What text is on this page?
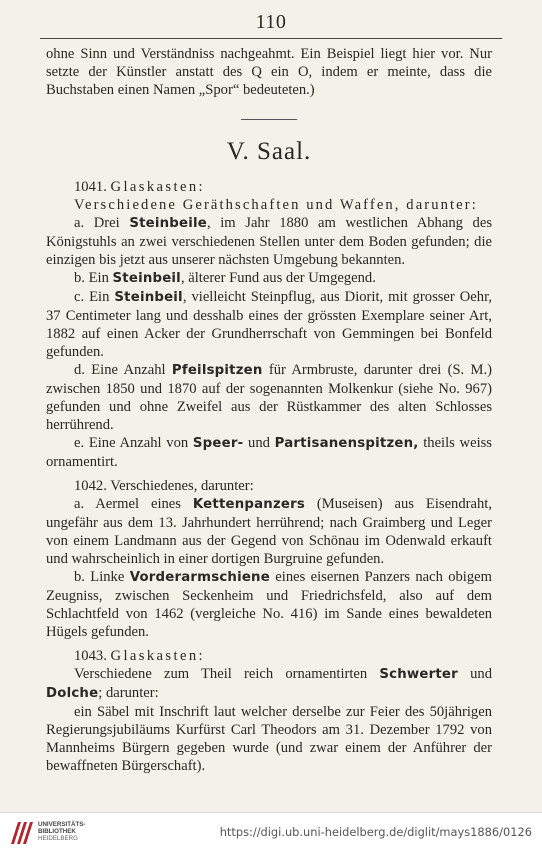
110

ohne Sinn und Verständniss nachgeahmt. Ein Beispiel liegt hier vor. Nur setzte der Künstler anstatt des Q ein O, indem er meinte, dass die Buchstaben einen Namen „Spor“ bedeuteten.)

V. Saal.

1041. Glaskasten:

Verschiedene Geräthschaften und Waffen, darunter:

a. Drei Steinbeile, im Jahr 1880 am westlichen Abhang des Königstuhls an zwei verschiedenen Stellen unter dem Boden gefunden; die einzigen bis jetzt aus unserer nächsten Umgebung bekannten.

b. Ein Steinbeil, älterer Fund aus der Umgegend.

c. Ein Steinbeil, vielleicht Steinpflug, aus Diorit, mit grosser Oehr, 37 Centimeter lang und desshalb eines der grössten Exemplare seiner Art, 1882 auf einen Acker der Grundherrschaft von Gemmingen bei Bonfeld gefunden.

d. Eine Anzahl Pfeilspitzen für Armbruste, darunter drei (S. M.) zwischen 1850 und 1870 auf der sogenannten Molkenkur (siehe No. 967) gefunden und ohne Zweifel aus der Rüstkammer des alten Schlosses herrührend.

e. Eine Anzahl von Speer- und Partisanenspitzen, theils weiss ornamentirt.

1042. Verschiedenes, darunter:

a. Aermel eines Kettenpanzers (Museisen) aus Eisendraht, ungefähr aus dem 13. Jahrhundert herrührend; nach Graimberg und Leger von einem Landmann aus der Gegend von Schönau im Odenwald erkauft und wahrscheinlich in einer dortigen Burgruine gefunden.

b. Linke Vorderarmschiene eines eisernen Panzers nach obigem Zeugniss, zwischen Seckenheim und Friedrichsfeld, also auf dem Schlachtfeld von 1462 (vergleiche No. 416) im Sande eines bewaldeten Hügels gefunden.

1043. Glaskasten:

Verschiedene zum Theil reich ornamentirten Schwerter und Dolche; darunter:

ein Säbel mit Inschrift laut welcher derselbe zur Feier des 50jährigen Regierungsjubiläums Kurfürst Carl Theodors am 31. Dezember 1792 von Mannheims Bürgern gegeben wurde (und zwar einem der Anführer der bewaffneten Bürgerschaft).

UNIVERSITÄTS-
BIBLIOTHEK
HEIDELBERG	https://digi.ub.uni-heidelberg.de/diglit/mays1886/0126
